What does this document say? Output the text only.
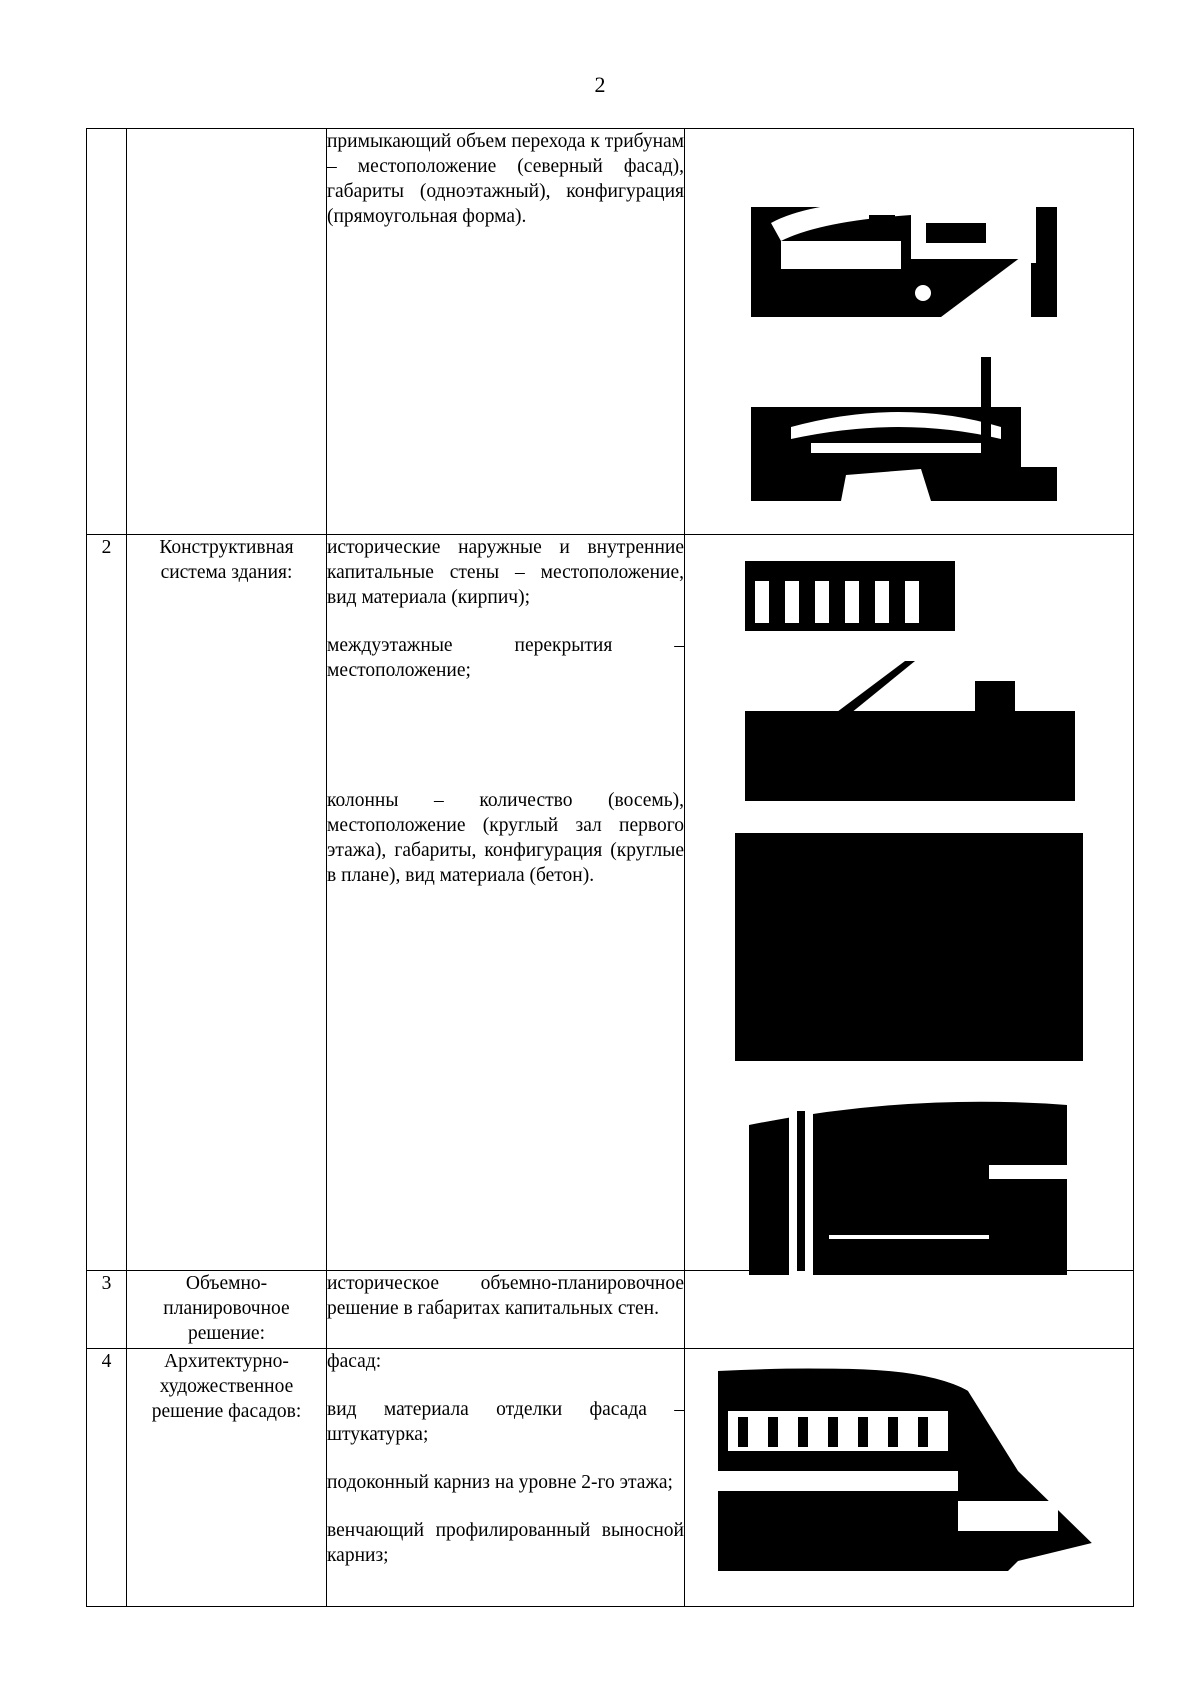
2

		примыкающий объем перехода к трибунам – местоположение (северный фасад), габариты (одноэтажный), конфигурация (прямоугольная форма).

2	Конструктивная система здания:	исторические наружные и внутренние капитальные стены – местоположение, вид материала (кирпич);

междуэтажные перекрытия – местоположение;

колонны – количество (восемь), местоположение (круглый зал первого этажа), габариты, конфигурация (круглые в плане), вид материала (бетон).

3	Объемно-планировочное решение:	историческое объемно-планировочное решение в габаритах капитальных стен.	

4	Архитектурно-художественное решение фасадов:	фасад:

вид материала отделки фасада – штукатурка;

подоконный карниз на уровне 2-го этажа;

венчающий профилированный выносной карниз;
